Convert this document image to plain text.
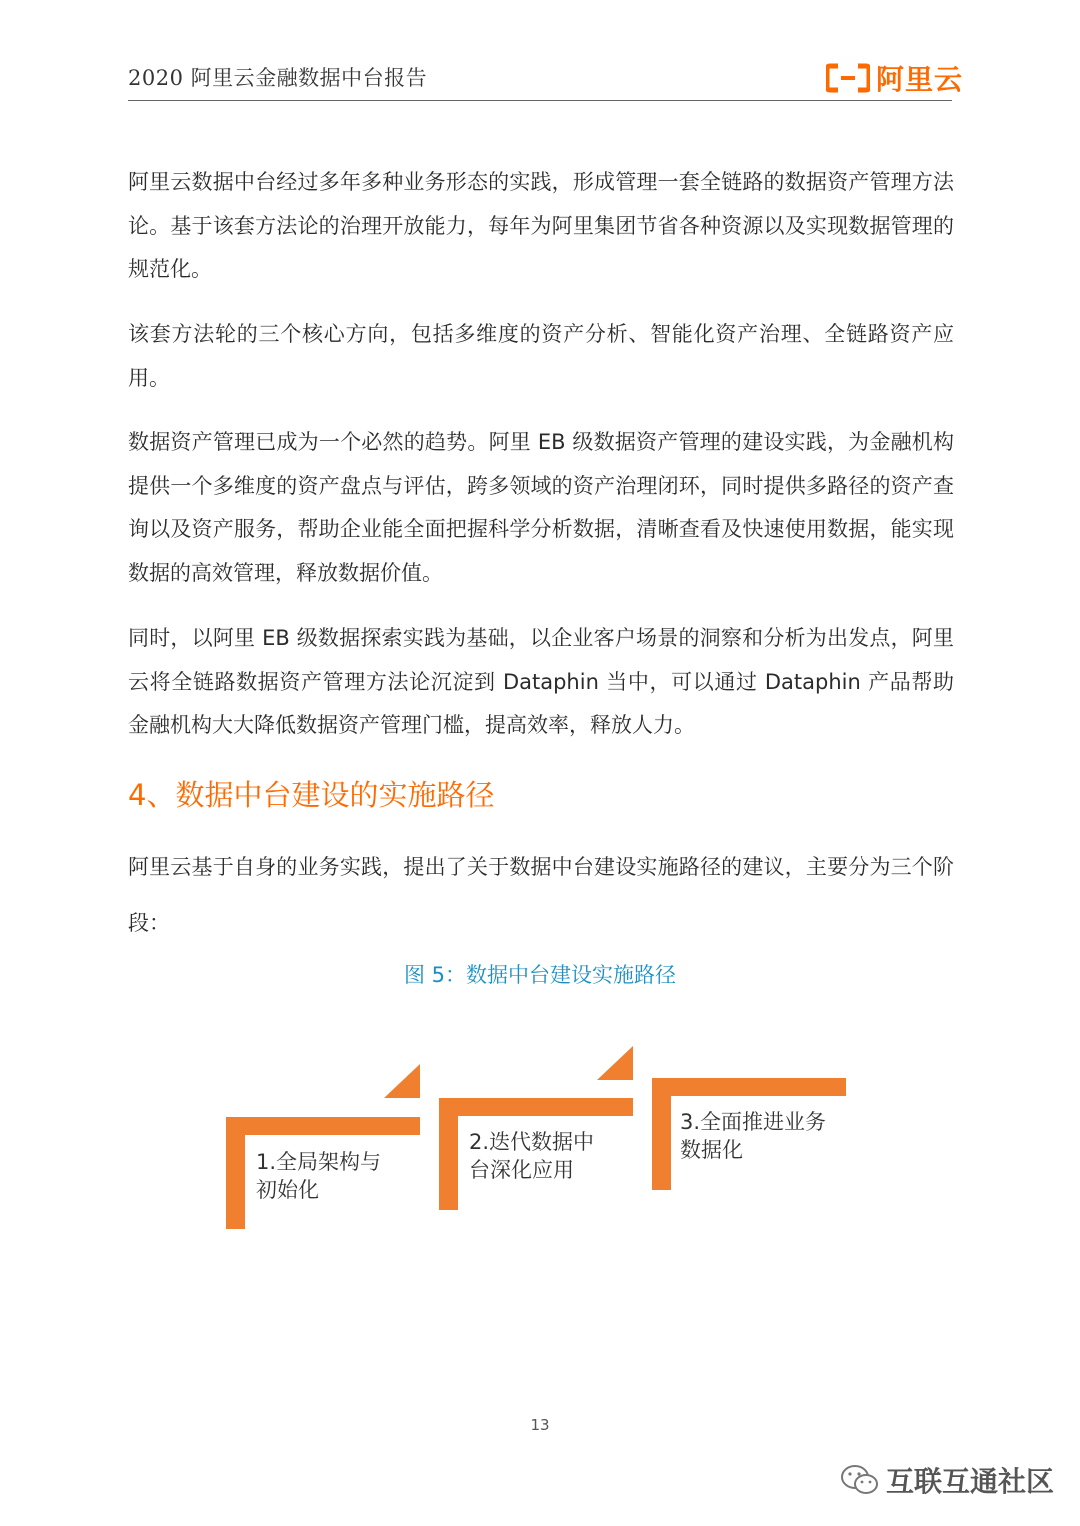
2020 阿里云金融数据中台报告	阿里云

阿里云数据中台经过多年多种业务形态的实践，形成管理一套全链路的数据资产管理方法论。基于该套方法论的治理开放能力，每年为阿里集团节省各种资源以及实现数据管理的规范化。

该套方法轮的三个核心方向，包括多维度的资产分析、智能化资产治理、全链路资产应用。

数据资产管理已成为一个必然的趋势。阿里 EB 级数据资产管理的建设实践，为金融机构提供一个多维度的资产盘点与评估，跨多领域的资产治理闭环，同时提供多路径的资产查询以及资产服务，帮助企业能全面把握科学分析数据，清晰查看及快速使用数据，能实现数据的高效管理，释放数据价值。

同时，以阿里 EB 级数据探索实践为基础，以企业客户场景的洞察和分析为出发点，阿里云将全链路数据资产管理方法论沉淀到 Dataphin 当中，可以通过 Dataphin 产品帮助金融机构大大降低数据资产管理门槛，提高效率，释放人力。

4、数据中台建设的实施路径

阿里云基于自身的业务实践，提出了关于数据中台建设实施路径的建议，主要分为三个阶段：

图 5：数据中台建设实施路径
1.全局架构与
初始化
2.迭代数据中
台深化应用
3.全面推进业务
数据化
13
互联互通社区
